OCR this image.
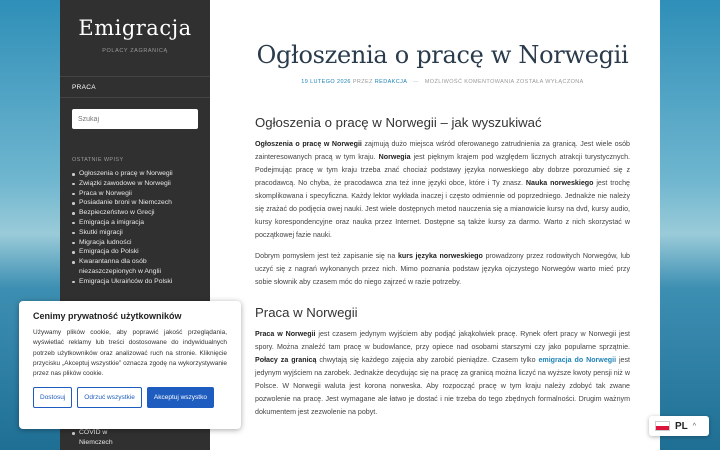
Emigracja
POLACY ZAGRANICĄ
PRACA
Szukaj
OSTATNIE WPISY
Ogłoszenia o pracę w Norwegii
Związki zawodowe w Norwegii
Praca w Norwegii
Posiadanie broni w Niemczech
Bezpieczeństwo w Grecji
Emigracja a imigracja
Skutki migracji
Migracja ludności
Emigracja do Polski
Kwarantanna dla osób niezaszczepionych w Anglii
Emigracja Ukraińców do Polski
Ogłoszenia o pracę w Norwegii
19 LUTEGO 2026 PRZEZ REDAKCJA — MOŻLIWOŚĆ KOMENTOWANIA ZOSTAŁA WYŁĄCZONA
Ogłoszenia o pracę w Norwegii – jak wyszukiwać

Ogłoszenia o pracę w Norwegii zajmują dużo miejsca wśród oferowanego zatrudnienia za granicą. Jest wiele osób zainteresowanych pracą w tym kraju. Norwegia jest pięknym krajem pod względem licznych atrakcji turystycznych. Podejmując pracę w tym kraju trzeba znać chociaż podstawy języka norweskiego aby dobrze porozumieć się z pracodawcą. No chyba, że pracodawca zna też inne języki obce, które i Ty znasz. Nauka norweskiego jest trochę skomplikowana i specyficzna. Każdy lektor wykłada inaczej i często odmiennie od poprzedniego. Jednakże nie należy się zrażać do podjęcia owej nauki. Jest wiele dostępnych metod nauczenia się a mianowicie kursy na dvd, kursy audio, kursy korespondencyjne oraz nauka przez Internet. Dostępne są także kursy za darmo. Warto z nich skorzystać w początkowej fazie nauki.

Dobrym pomysłem jest też zapisanie się na kurs języka norweskiego prowadzony przez rodowitych Norwegów, lub uczyć się z nagrań wykonanych przez nich. Mimo poznania podstaw języka ojczystego Norwegów warto mieć przy sobie słownik aby czasem móc do niego zajrzeć w razie potrzeby.

Praca w Norwegii

Praca w Norwegii jest czasem jedynym wyjściem aby podjąć jakąkolwiek pracę. Rynek ofert pracy w Norwegii jest spory. Można znaleźć tam pracę w budowlance, przy opiece nad osobami starszymi czy jako popularne sprzątnie. Połacy za granicą chwytają się każdego zajęcia aby zarobić pieniądze. Czasem tylko emigracja do Norwegii jest jedynym wyjściem na zarobek. Jednakże decydując się na pracę za granicą można liczyć na wyższe kwoty pensji niż w Polsce. W Norwegii waluta jest korona norweska. Aby rozpocząć pracę w tym kraju należy zdobyć tak zwane pozwolenie na pracę. Jest wymagane ale łatwo je dostać i nie trzeba do tego zbędnych formalności. Drugim ważnym dokumentem jest zezwolenie na pobyt.

COVID w Niemczech
Cenimy prywatność użytkowników
Używamy plików cookie, aby poprawić jakość przeglądania, wyświetlać reklamy lub treści dostosowane do indywidualnych potrzeb użytkowników oraz analizować ruch na stronie. Kliknięcie przycisku „Akceptuj wszystkie” oznacza zgodę na wykorzystywanie przez nas plików cookie.
Dostosuj	Odrzuć wszystkie	Akceptuj wszystko
PL ^
